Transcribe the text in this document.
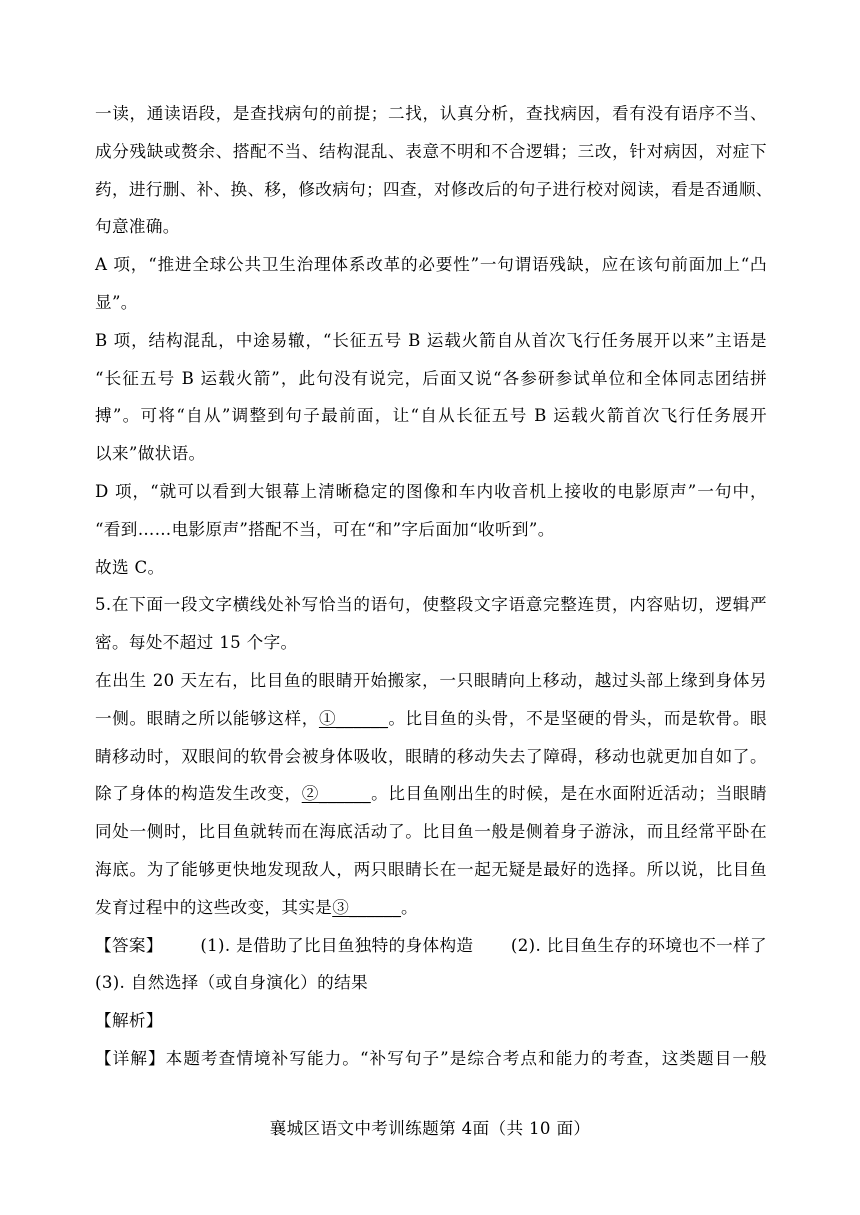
一读，通读语段，是查找病句的前提；二找，认真分析，查找病因，看有没有语序不当、
成分残缺或赘余、搭配不当、结构混乱、表意不明和不合逻辑；三改，针对病因，对症下
药，进行删、补、换、移，修改病句；四查，对修改后的句子进行校对阅读，看是否通顺、
句意准确。
A 项，“推进全球公共卫生治理体系改革的必要性”一句谓语残缺，应在该句前面加上“凸
显”。
B 项，结构混乱，中途易辙，“长征五号 B 运载火箭自从首次飞行任务展开以来”主语是
“长征五号 B 运载火箭”，此句没有说完，后面又说“各参研参试单位和全体同志团结拼
搏”。可将“自从”调整到句子最前面，让“自从长征五号 B 运载火箭首次飞行任务展开
以来”做状语。
D 项，“就可以看到大银幕上清晰稳定的图像和车内收音机上接收的电影原声”一句中，
“看到……电影原声”搭配不当，可在“和”字后面加“收听到”。
故选 C。
5.在下面一段文字横线处补写恰当的语句，使整段文字语意完整连贯，内容贴切，逻辑严
密。每处不超过 15 个字。
在出生 20 天左右，比目鱼的眼睛开始搬家，一只眼睛向上移动，越过头部上缘到身体另
一侧。眼睛之所以能够这样，①______。比目鱼的头骨，不是坚硬的骨头，而是软骨。眼
睛移动时，双眼间的软骨会被身体吸收，眼睛的移动失去了障碍，移动也就更加自如了。
除了身体的构造发生改变，②______。比目鱼刚出生的时候，是在水面附近活动；当眼睛
同处一侧时，比目鱼就转而在海底活动了。比目鱼一般是侧着身子游泳，而且经常平卧在
海底。为了能够更快地发现敌人，两只眼睛长在一起无疑是最好的选择。所以说，比目鱼
发育过程中的这些改变，其实是③______。
【答案】 (1). 是借助了比目鱼独特的身体构造 (2). 比目鱼生存的环境也不一样了
(3). 自然选择（或自身演化）的结果
【解析】
【详解】本题考查情境补写能力。“补写句子”是综合考点和能力的考查，这类题目一般
襄城区语文中考训练题第 4面（共 10 面）
